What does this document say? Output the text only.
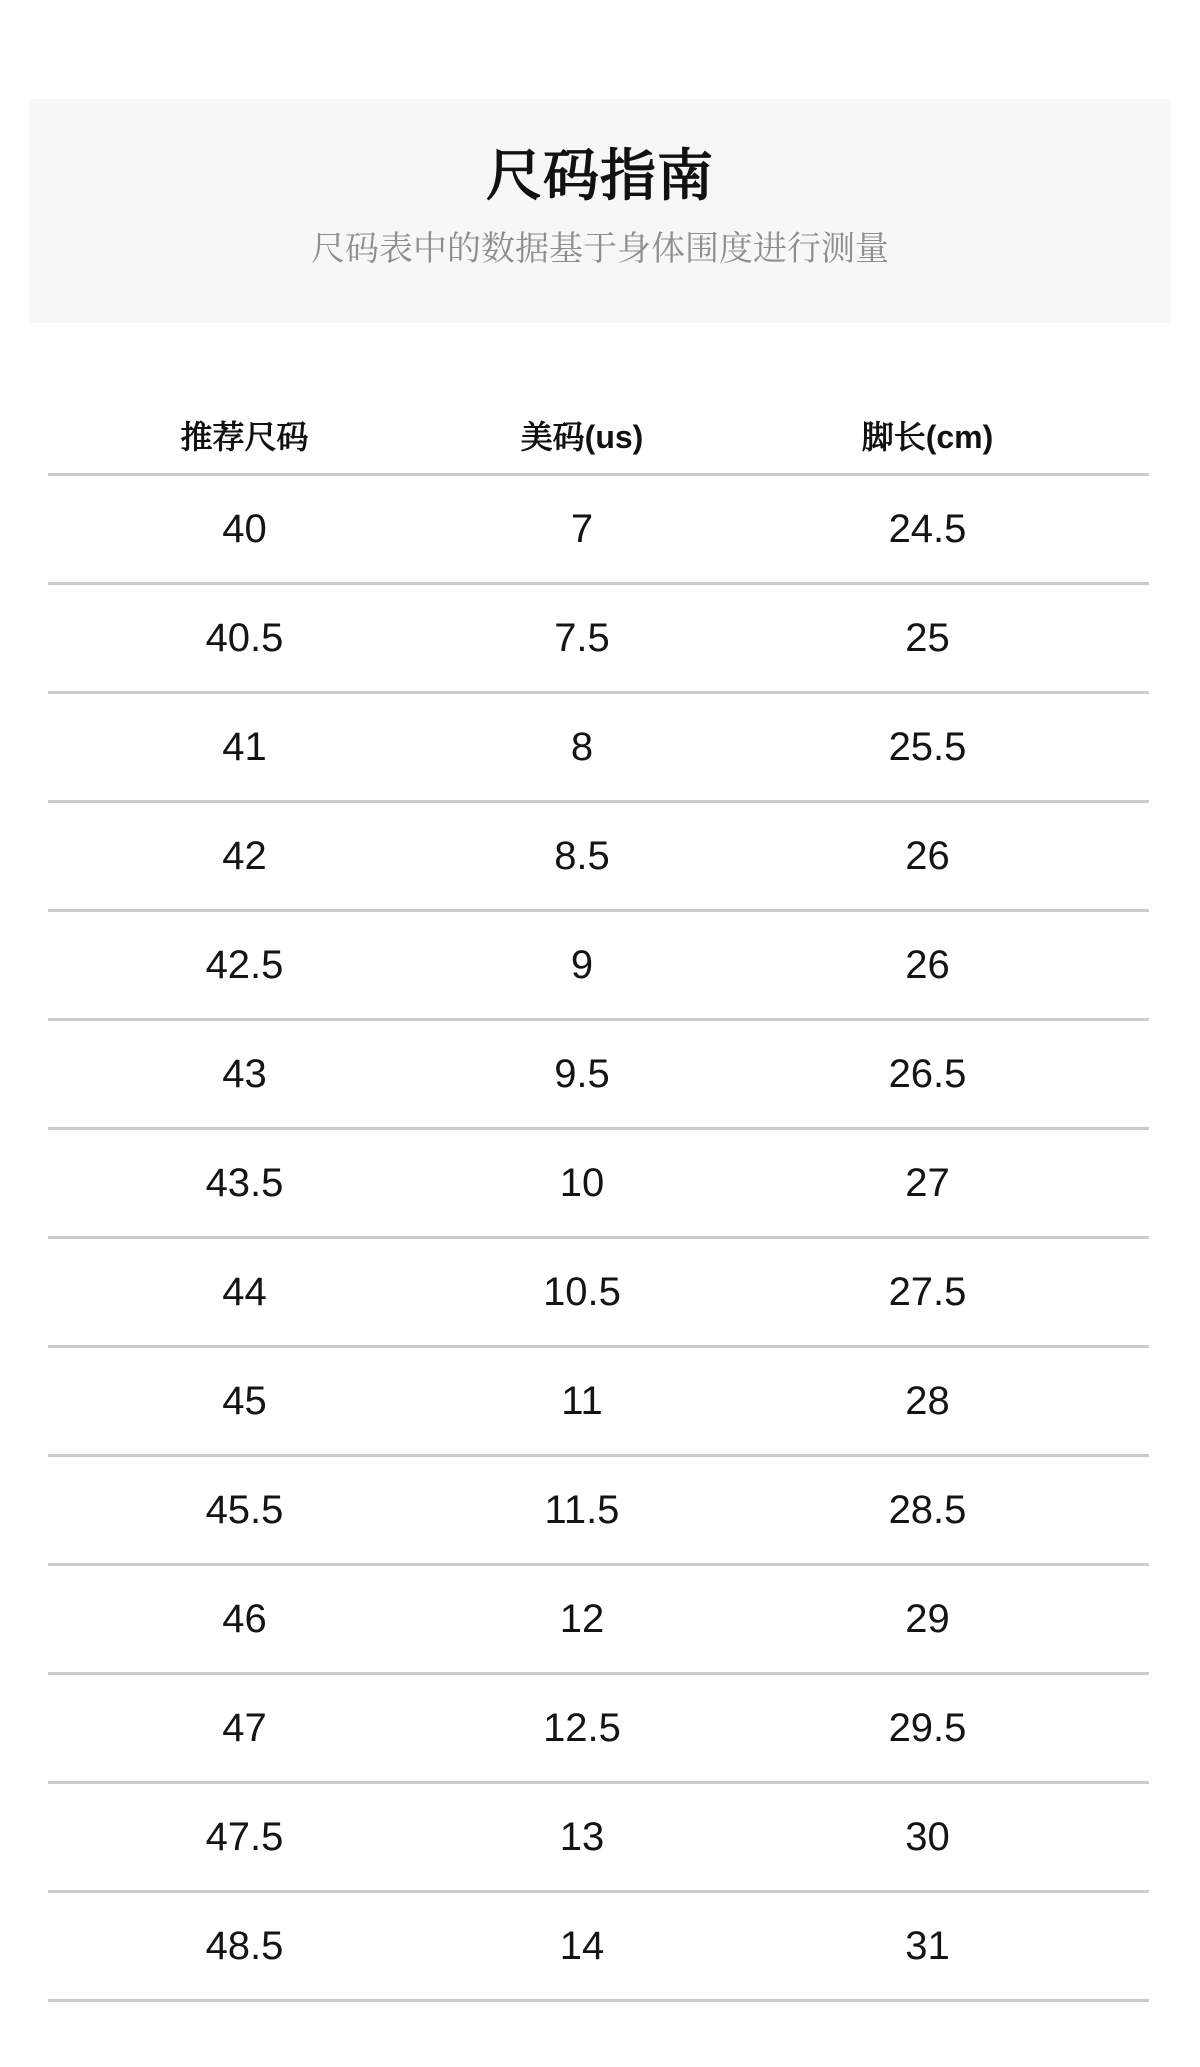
尺码指南

尺码表中的数据基于身体围度进行测量

推荐尺码	美码(us)	脚长(cm)
40	7	24.5
40.5	7.5	25
41	8	25.5
42	8.5	26
42.5	9	26
43	9.5	26.5
43.5	10	27
44	10.5	27.5
45	11	28
45.5	11.5	28.5
46	12	29
47	12.5	29.5
47.5	13	30
48.5	14	31
